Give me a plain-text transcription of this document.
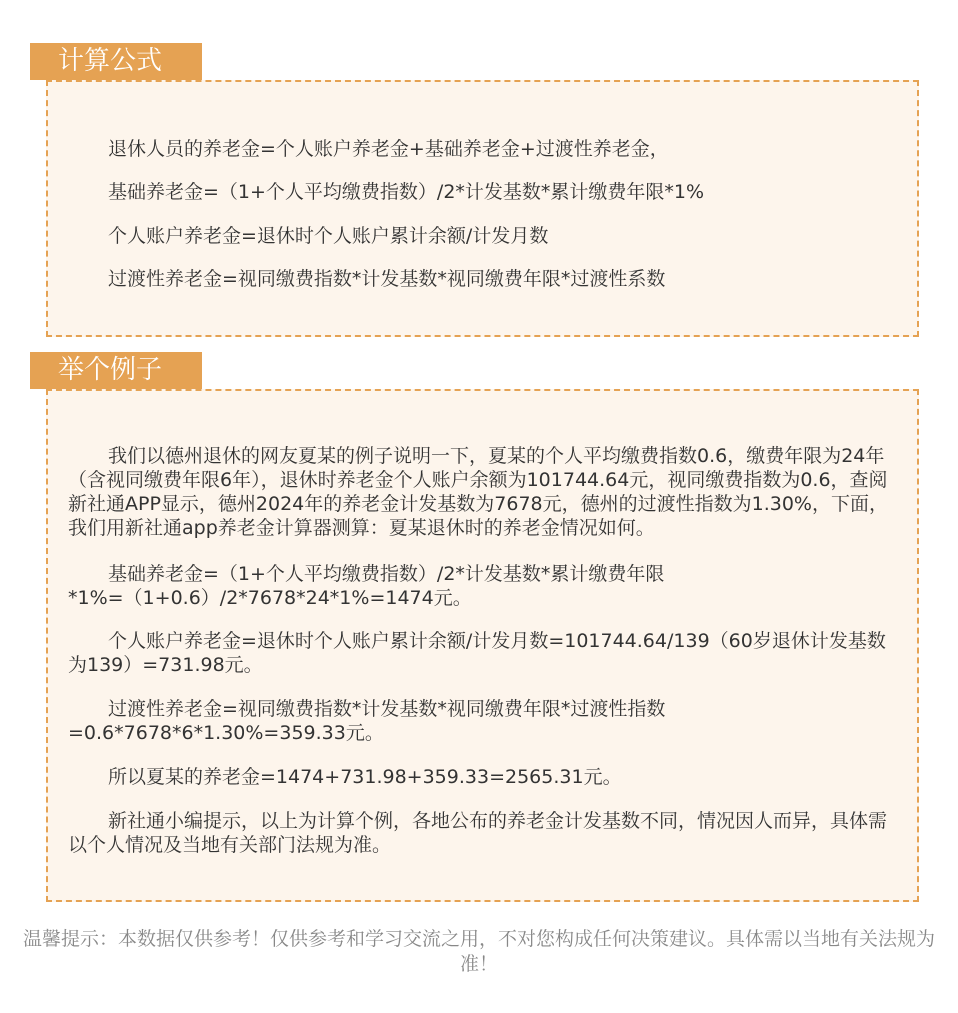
计算公式

退休人员的养老金=个人账户养老金+基础养老金+过渡性养老金，

基础养老金=（1+个人平均缴费指数）/2*计发基数*累计缴费年限*1%

个人账户养老金=退休时个人账户累计余额/计发月数

过渡性养老金=视同缴费指数*计发基数*视同缴费年限*过渡性系数

举个例子

我们以德州退休的网友夏某的例子说明一下，夏某的个人平均缴费指数0.6，缴费年限为24年（含视同缴费年限6年），退休时养老金个人账户余额为101744.64元，视同缴费指数为0.6，查阅新社通APP显示，德州2024年的养老金计发基数为7678元，德州的过渡性指数为1.30%，下面，我们用新社通app养老金计算器测算：夏某退休时的养老金情况如何。

基础养老金=（1+个人平均缴费指数）/2*计发基数*累计缴费年限*1%=（1+0.6）/2*7678*24*1%=1474元。

个人账户养老金=退休时个人账户累计余额/计发月数=101744.64/139（60岁退休计发基数为139）=731.98元。

过渡性养老金=视同缴费指数*计发基数*视同缴费年限*过渡性指数=0.6*7678*6*1.30%=359.33元。

所以夏某的养老金=1474+731.98+359.33=2565.31元。

新社通小编提示，以上为计算个例，各地公布的养老金计发基数不同，情况因人而异，具体需以个人情况及当地有关部门法规为准。

温馨提示：本数据仅供参考！仅供参考和学习交流之用，不对您构成任何决策建议。具体需以当地有关法规为准！
